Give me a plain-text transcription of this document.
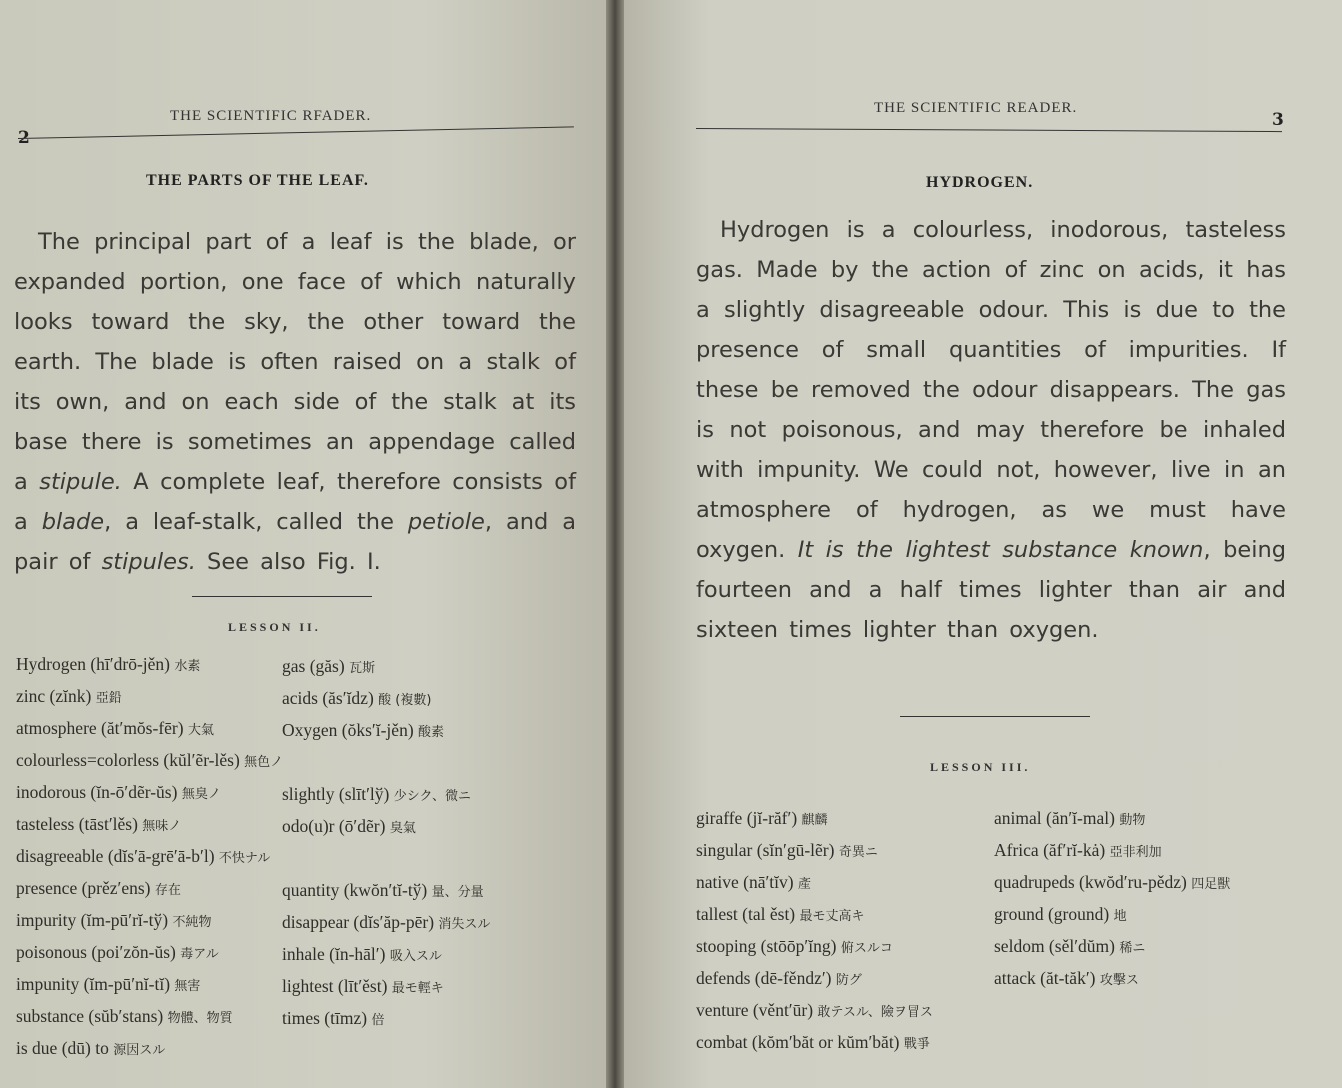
2
THE SCIENTIFIC RFADER.
THE PARTS OF THE LEAF.

The principal part of a leaf is the blade, or expanded portion, one face of which naturally looks toward the sky, the other toward the earth. The blade is often raised on a stalk of its own, and on each side of the stalk at its base there is sometimes an appendage called a stipule. A complete leaf, therefore consists of a blade, a leaf-stalk, called the petiole, and a pair of stipules. See also Fig. I.

LESSON II.
Hydrogen (hī′drō-jěn) 水素
zinc (zĭnk) 亞鉛
atmosphere (ăt′mŏs-fēr) 大氣
colourless=colorless (kŭl′ẽr-lěs) 無色ノ
inodorous (ĭn-ō′dẽr-ŭs) 無臭ノ
tasteless (tāst′lěs) 無味ノ
disagreeable (dĭs′ā-grē′ā-b′l) 不快ナル
presence (prěz′ens) 存在
impurity (ĭm-pū′rĭ-tў) 不純物
poisonous (poi′zŏn-ŭs) 毒アル
impunity (ĭm-pū′nĭ-tĭ) 無害
substance (sŭb′stans) 物體、物質
is due (dū) to 源因スル
gas (găs) 瓦斯
acids (ăs′ĭdz) 酸 (複數)
Oxygen (ŏks′ĭ-jěn) 酸素
slightly (slīt′lў) 少シク、微ニ
odo(u)r (ō′dẽr) 臭氣
quantity (kwŏn′tĭ-tў) 量、分量
disappear (dĭs′ăp-pēr) 消失スル
inhale (ĭn-hāl′) 吸入スル
lightest (līt′ěst) 最モ輕キ
times (tīmz) 倍
THE SCIENTIFIC READER.
3
HYDROGEN.

Hydrogen is a colourless, inodorous, tasteless gas. Made by the action of zinc on acids, it has a slightly disagreeable odour. This is due to the presence of small quantities of impurities. If these be removed the odour disappears. The gas is not poisonous, and may therefore be inhaled with impunity. We could not, however, live in an atmosphere of hydrogen, as we must have oxygen. It is the lightest substance known, being fourteen and a half times lighter than air and sixteen times lighter than oxygen.

LESSON III.
giraffe (jĭ-răf′) 麒麟
singular (sĭn′gū-lẽr) 奇異ニ
native (nā′tĭv) 產
tallest (tal ěst) 最モ丈高キ
stooping (stōōp′ĭng) 俯スルコ
defends (dē-fěndz′) 防グ
venture (věnt′ūr) 敢テスル、險ヲ冒ス
combat (kŏm′băt or kŭm′băt) 戰爭
animal (ăn′ĭ-mal) 動物
Africa (ăf′rĭ-kȧ) 亞非利加
quadrupeds (kwŏd′ru-pědz) 四足獸
ground (ground) 地
seldom (sěl′dŭm) 稀ニ
attack (ăt-tăk′) 攻擊ス
